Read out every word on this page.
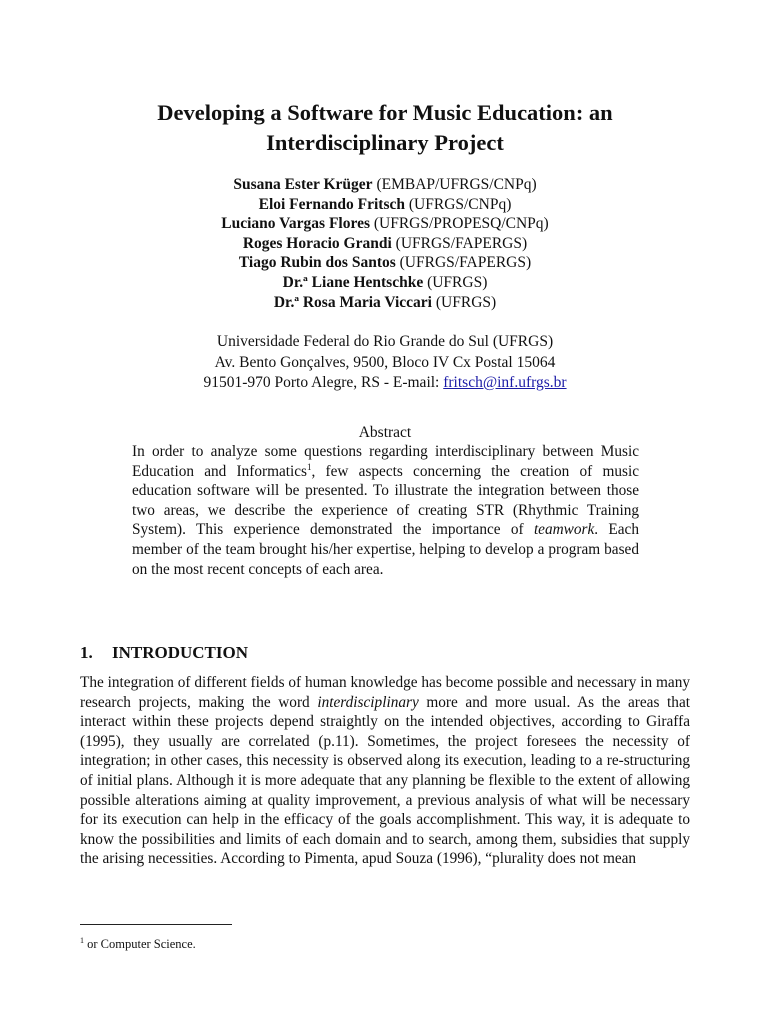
Developing a Software for Music Education: an Interdisciplinary Project
Susana Ester Krüger (EMBAP/UFRGS/CNPq)
Eloi Fernando Fritsch (UFRGS/CNPq)
Luciano Vargas Flores (UFRGS/PROPESQ/CNPq)
Roges Horacio Grandi (UFRGS/FAPERGS)
Tiago Rubin dos Santos (UFRGS/FAPERGS)
Dr.ª Liane Hentschke (UFRGS)
Dr.ª Rosa Maria Viccari (UFRGS)
Universidade Federal do Rio Grande do Sul (UFRGS)
Av. Bento Gonçalves, 9500, Bloco IV Cx Postal 15064
91501-970 Porto Alegre, RS - E-mail: fritsch@inf.ufrgs.br
Abstract
In order to analyze some questions regarding interdisciplinary between Music Education and Informatics$^1$, few aspects concerning the creation of music education software will be presented. To illustrate the integration between those two areas, we describe the experience of creating STR (Rhythmic Training System). This experience demonstrated the importance of teamwork. Each member of the team brought his/her expertise, helping to develop a program based on the most recent concepts of each area.
1. INTRODUCTION
The integration of different fields of human knowledge has become possible and necessary in many research projects, making the word interdisciplinary more and more usual. As the areas that interact within these projects depend straightly on the intended objectives, according to Giraffa (1995), they usually are correlated (p.11). Sometimes, the project foresees the necessity of integration; in other cases, this necessity is observed along its execution, leading to a re-structuring of initial plans. Although it is more adequate that any planning be flexible to the extent of allowing possible alterations aiming at quality improvement, a previous analysis of what will be necessary for its execution can help in the efficacy of the goals accomplishment. This way, it is adequate to know the possibilities and limits of each domain and to search, among them, subsidies that supply the arising necessities. According to Pimenta, apud Souza (1996), “plurality does not mean
$^1$ or Computer Science.
